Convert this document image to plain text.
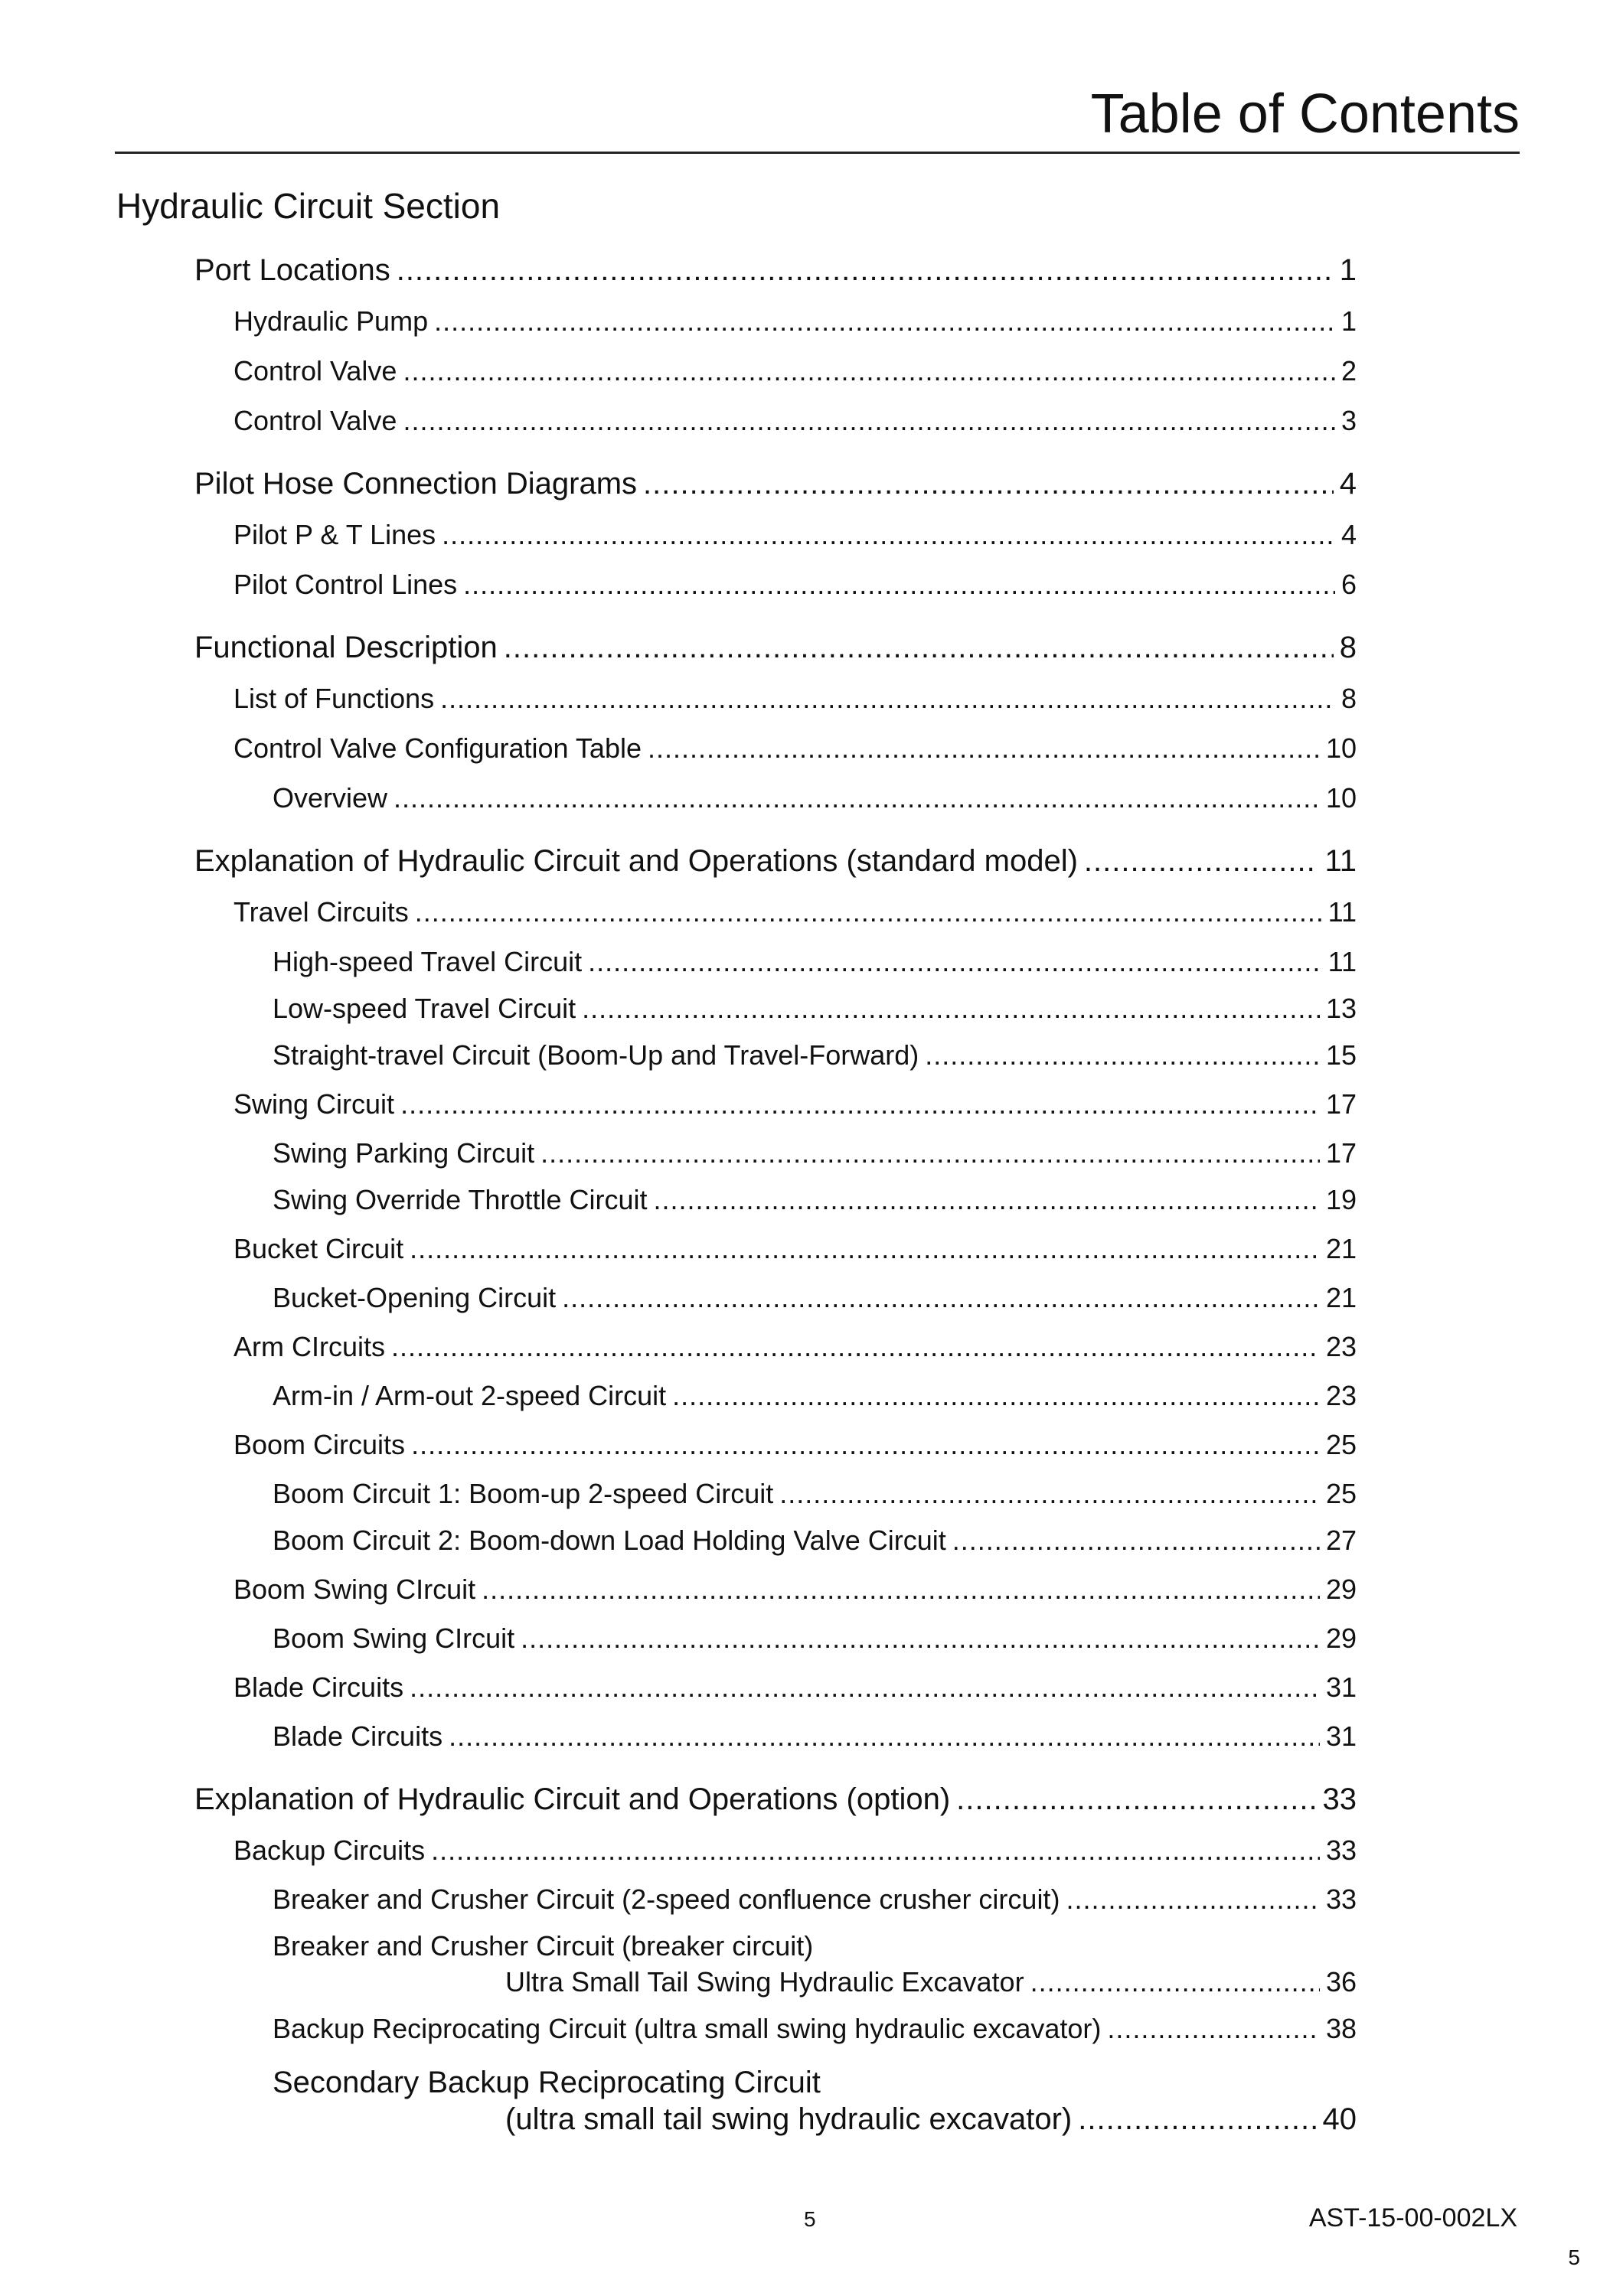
Table of Contents
Hydraulic Circuit Section
Port Locations .....	1
Hydraulic Pump .....	1
Control Valve .....	2
Control Valve .....	3
Pilot Hose Connection Diagrams .....	4
Pilot P & T Lines .....	4
Pilot Control Lines .....	6
Functional Description .....	8
List of Functions .....	8
Control Valve Configuration Table .....	10
Overview .....	10
Explanation of Hydraulic Circuit and Operations (standard model) .....	11
Travel Circuits .....	11
High-speed Travel Circuit .....	11
Low-speed Travel Circuit .....	13
Straight-travel Circuit (Boom-Up and Travel-Forward) .....	15
Swing Circuit .....	17
Swing Parking Circuit .....	17
Swing Override Throttle Circuit .....	19
Bucket Circuit .....	21
Bucket-Opening Circuit .....	21
Arm CIrcuits .....	23
Arm-in / Arm-out 2-speed Circuit .....	23
Boom Circuits .....	25
Boom Circuit 1: Boom-up 2-speed Circuit .....	25
Boom Circuit 2: Boom-down Load Holding Valve Circuit .....	27
Boom Swing CIrcuit .....	29
Boom Swing CIrcuit .....	29
Blade Circuits .....	31
Blade Circuits .....	31
Explanation of Hydraulic Circuit and Operations (option) .....	33
Backup Circuits .....	33
Breaker and Crusher Circuit (2-speed confluence crusher circuit) .....	33
Breaker and Crusher Circuit (breaker circuit)
Ultra Small Tail Swing Hydraulic Excavator .....	36
Backup Reciprocating Circuit (ultra small swing hydraulic excavator) .....	38
Secondary Backup Reciprocating Circuit
(ultra small tail swing hydraulic excavator) .....	40
5	AST-15-00-002LX
5
